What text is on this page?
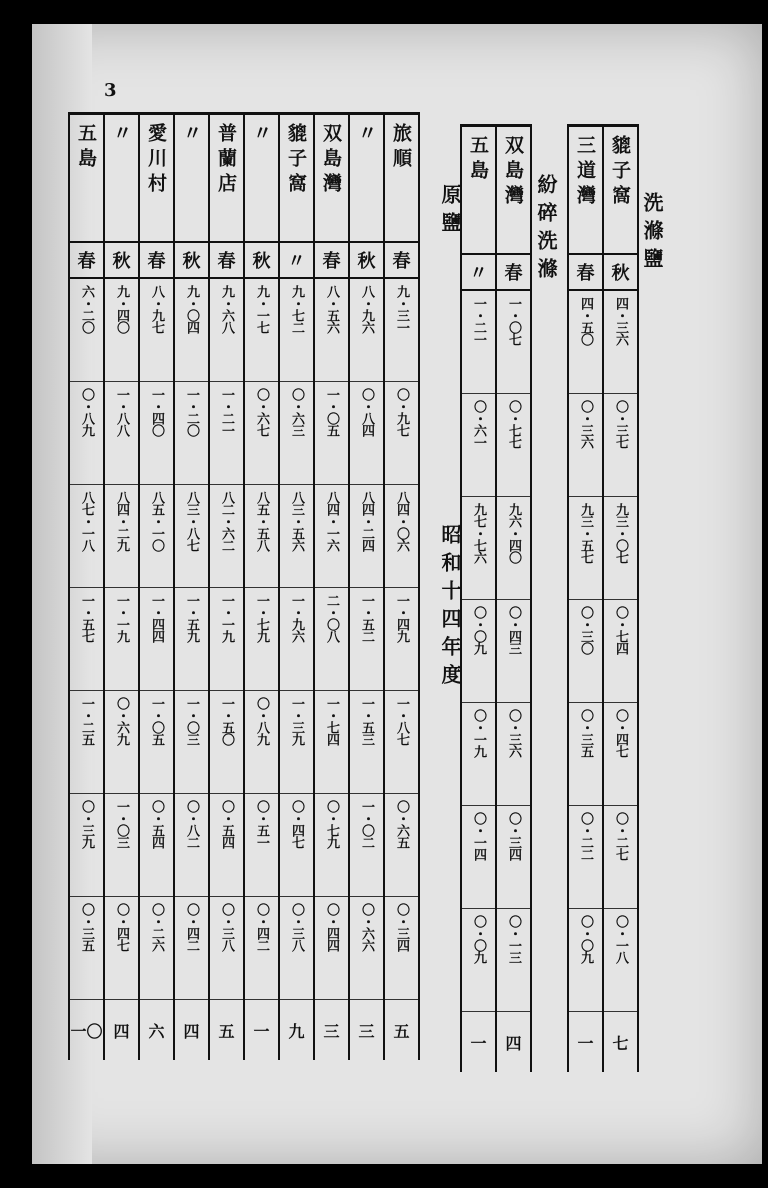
3
洗滌鹽
貔子窩
秋
四・三六
〇・三七
九三・〇七
〇・七四
〇・四七
〇・二七
〇・一八
七
三道灣
春
四・五〇
〇・三六
九三・五七
〇・三〇
〇・三五
〇・二二
〇・〇九
一
紛碎洗滌
双島灣
春
一・〇七
〇・七七
九六・四〇
〇・四三
〇・三六
〇・三四
〇・一三
四
五島
〃
一・二一
〇・六一
九七・七六
〇・〇九
〇・一九
〇・一四
〇・〇九
一
原鹽
昭和十四年度
旅順
春
九・三一
〇・九七
八四・〇六
一・四九
一・八七
〇・六五
〇・三四
五
〃
秋
八・九六
〇・八四
八四・二四
一・五二
一・五三
一・〇二
〇・六六
三
双島灣
春
八・五六
一・〇五
八四・一六
二・〇八
一・七四
〇・七九
〇・四四
三
貔子窩
〃
九・七二
〇・六三
八三・五六
一・九六
一・三九
〇・四七
〇・三八
九
〃
秋
九・一七
〇・六七
八五・五八
一・七九
〇・八九
〇・五一
〇・四二
一
普蘭店
春
九・六八
一・二一
八二・六二
一・一九
一・五〇
〇・五四
〇・三八
五
〃
秋
九・〇四
一・二〇
八三・八七
一・五九
一・〇三
〇・八二
〇・四二
四
愛川村
春
八・九七
一・四〇
八五・一〇
一・四四
一・〇五
〇・五四
〇・二六
六
〃
秋
九・四〇
一・八八
八四・二九
一・一九
〇・六九
一・〇三
〇・四七
四
五島
春
六・二〇
〇・八九
八七・一八
一・五七
一・二五
〇・三九
〇・三五
一〇
